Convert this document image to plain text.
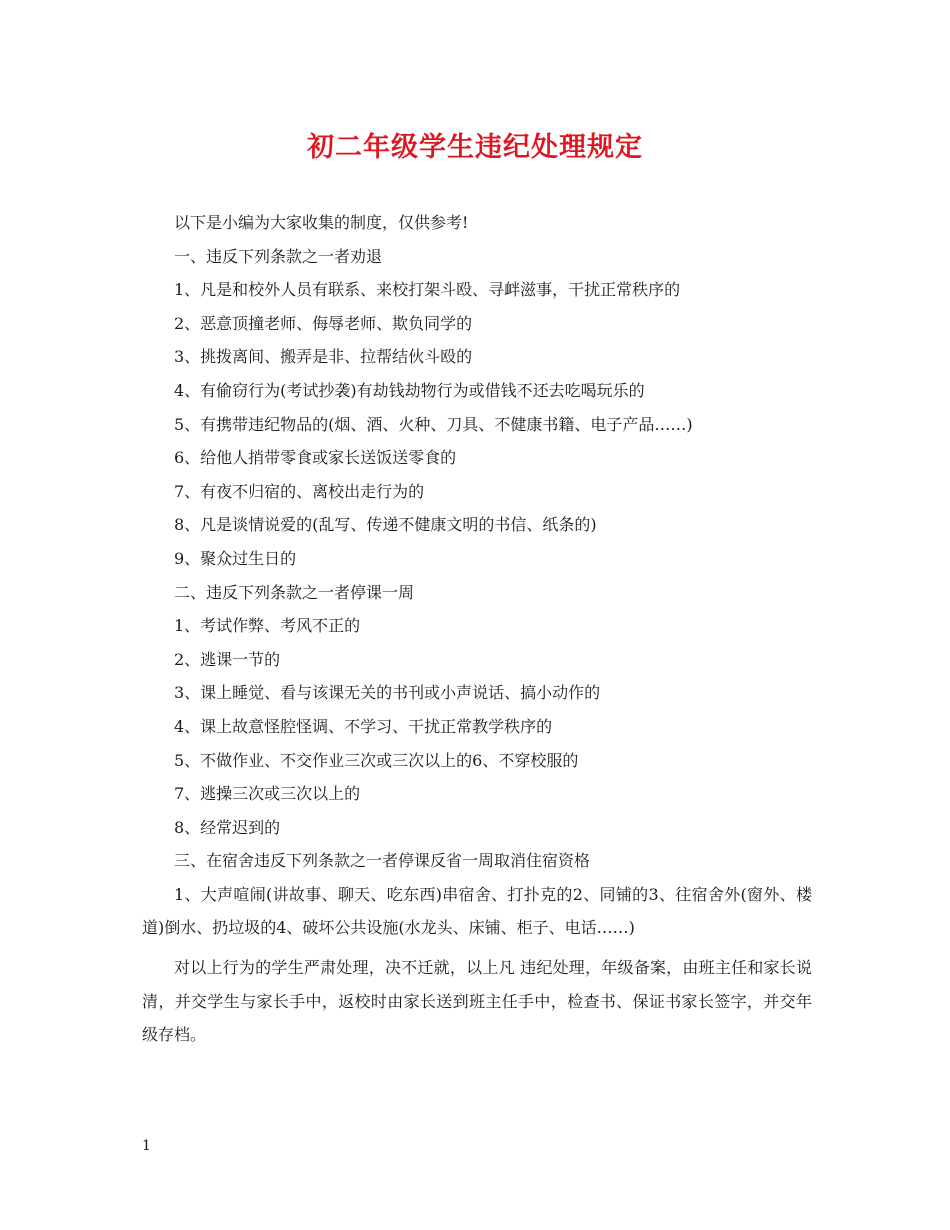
初二年级学生违纪处理规定

以下是小编为大家收集的制度，仅供参考!

一、违反下列条款之一者劝退

1、凡是和校外人员有联系、来校打架斗殴、寻衅滋事，干扰正常秩序的

2、恶意顶撞老师、侮辱老师、欺负同学的

3、挑拨离间、搬弄是非、拉帮结伙斗殴的

4、有偷窃行为(考试抄袭)有劫钱劫物行为或借钱不还去吃喝玩乐的

5、有携带违纪物品的(烟、酒、火种、刀具、不健康书籍、电子产品……)

6、给他人捎带零食或家长送饭送零食的

7、有夜不归宿的、离校出走行为的

8、凡是谈情说爱的(乱写、传递不健康文明的书信、纸条的)

9、聚众过生日的

二、违反下列条款之一者停课一周

1、考试作弊、考风不正的

2、逃课一节的

3、课上睡觉、看与该课无关的书刊或小声说话、搞小动作的

4、课上故意怪腔怪调、不学习、干扰正常教学秩序的

5、不做作业、不交作业三次或三次以上的6、不穿校服的

7、逃操三次或三次以上的

8、经常迟到的

三、在宿舍违反下列条款之一者停课反省一周取消住宿资格

1、大声喧闹(讲故事、聊天、吃东西)串宿舍、打扑克的2、同铺的3、往宿舍外(窗外、楼道)倒水、扔垃圾的4、破坏公共设施(水龙头、床铺、柜子、电话……)

对以上行为的学生严肃处理，决不迁就，以上凡 违纪处理，年级备案，由班主任和家长说清，并交学生与家长手中，返校时由家长送到班主任手中，检查书、保证书家长签字，并交年级存档。

1
